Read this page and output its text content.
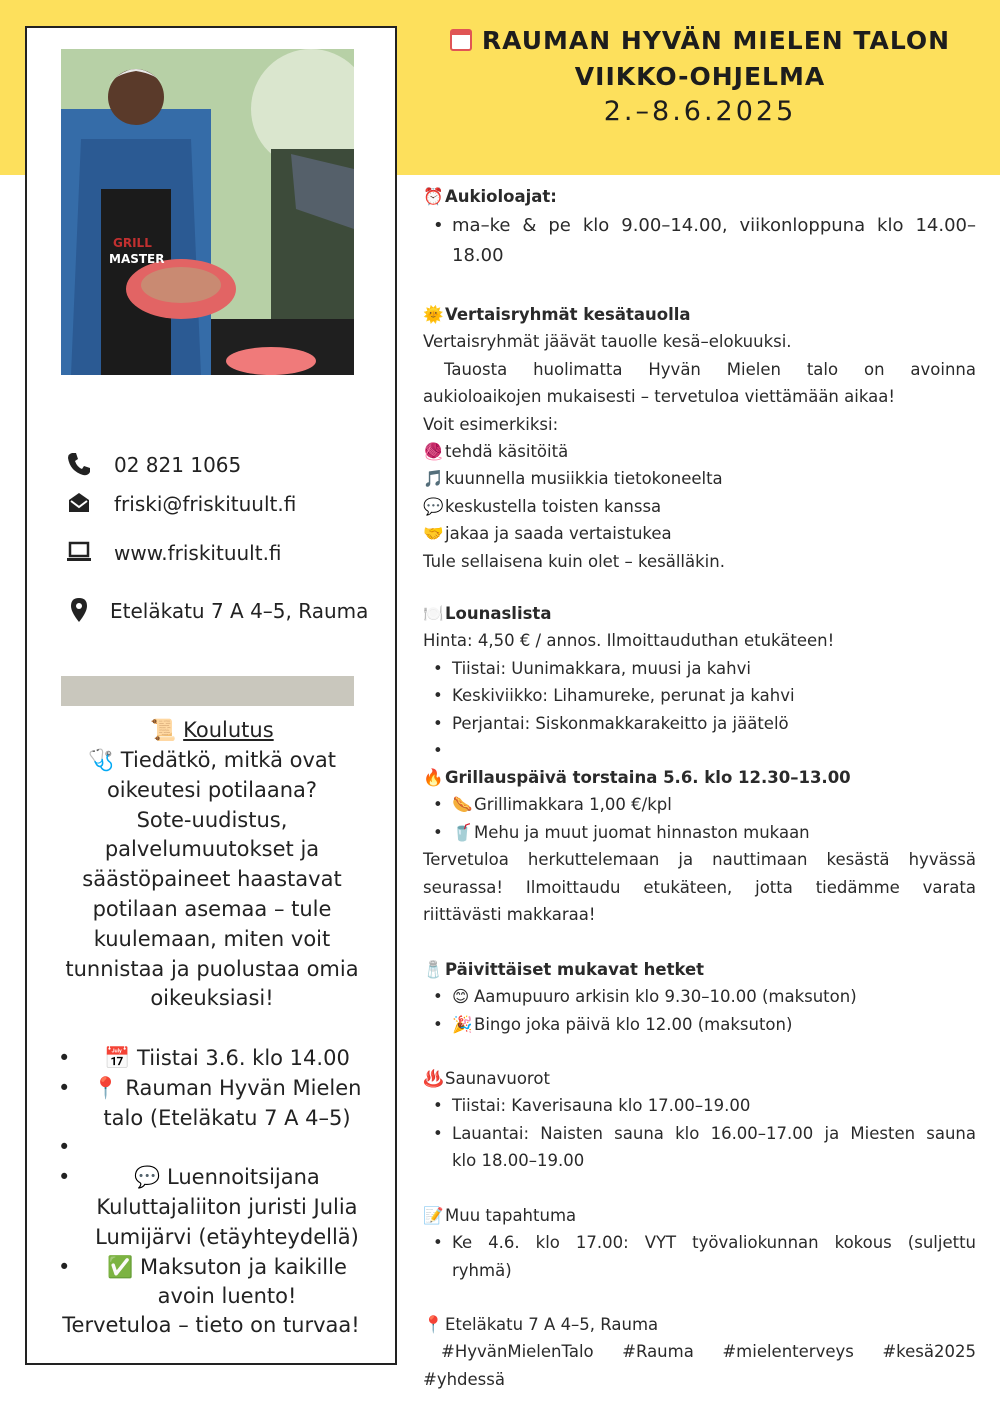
GRILL
MASTER
RAUMAN HYVÄN MIELEN TALON
VIIKKO-OHJELMA
2.–8.6.2025
02 821 1065
friski@friskituult.fi
www.friskituult.fi
Eteläkatu 7 A 4–5, Rauma
📜 Koulutus
🩺 Tiedätkö, mitkä ovat
oikeutesi potilaana?
Sote-uudistus,
palvelumuutokset ja
säästöpaineet haastavat
potilaan asemaa – tule
kuulemaan, miten voit
tunnistaa ja puolustaa omia
oikeuksiasi!
• 📅 Tiistai 3.6. klo 14.00
• 📍 Rauman Hyvän Mielen
talo (Eteläkatu 7 A 4–5)
•
• 💬 Luennoitsijana
Kuluttajaliiton juristi Julia
Lumijärvi (etäyhteydellä)
• ✅ Maksuton ja kaikille
avoin luento!
Tervetuloa – tieto on turvaa!
⏰Aukioloajat:
• ma–ke & pe klo 9.00–14.00, viikonloppuna klo 14.00–
18.00
🌞Vertaisryhmät kesätauolla
Vertaisryhmät jäävät tauolle kesä–elokuuksi.
Tauosta huolimatta Hyvän Mielen talo on avoinna
aukioloaikojen mukaisesti – tervetuloa viettämään aikaa!
Voit esimerkiksi:
🧶tehdä käsitöitä
🎵kuunnella musiikkia tietokoneelta
💬keskustella toisten kanssa
🤝jakaa ja saada vertaistukea
Tule sellaisena kuin olet – kesälläkin.
🍽️Lounaslista
Hinta: 4,50 € / annos. Ilmoittauduthan etukäteen!
• Tiistai: Uunimakkara, muusi ja kahvi
• Keskiviikko: Lihamureke, perunat ja kahvi
• Perjantai: Siskonmakkarakeitto ja jäätelö
•
🔥Grillauspäivä torstaina 5.6. klo 12.30–13.00
• 🌭Grillimakkara 1,00 €/kpl
• 🥤Mehu ja muut juomat hinnaston mukaan
Tervetuloa herkuttelemaan ja nauttimaan kesästä hyvässä
seurassa! Ilmoittaudu etukäteen, jotta tiedämme varata
riittävästi makkaraa!
🧂Päivittäiset mukavat hetket
• 😊 Aamupuuro arkisin klo 9.30–10.00 (maksuton)
• 🎉Bingo joka päivä klo 12.00 (maksuton)
♨️Saunavuorot
• Tiistai: Kaverisauna klo 17.00–19.00
• Lauantai: Naisten sauna klo 16.00–17.00 ja Miesten sauna
klo 18.00–19.00
📝Muu tapahtuma
• Ke 4.6. klo 17.00: VYT työvaliokunnan kokous (suljettu
ryhmä)
📍Eteläkatu 7 A 4–5, Rauma
#HyvänMielenTalo #Rauma #mielenterveys #kesä2025
#yhdessä
